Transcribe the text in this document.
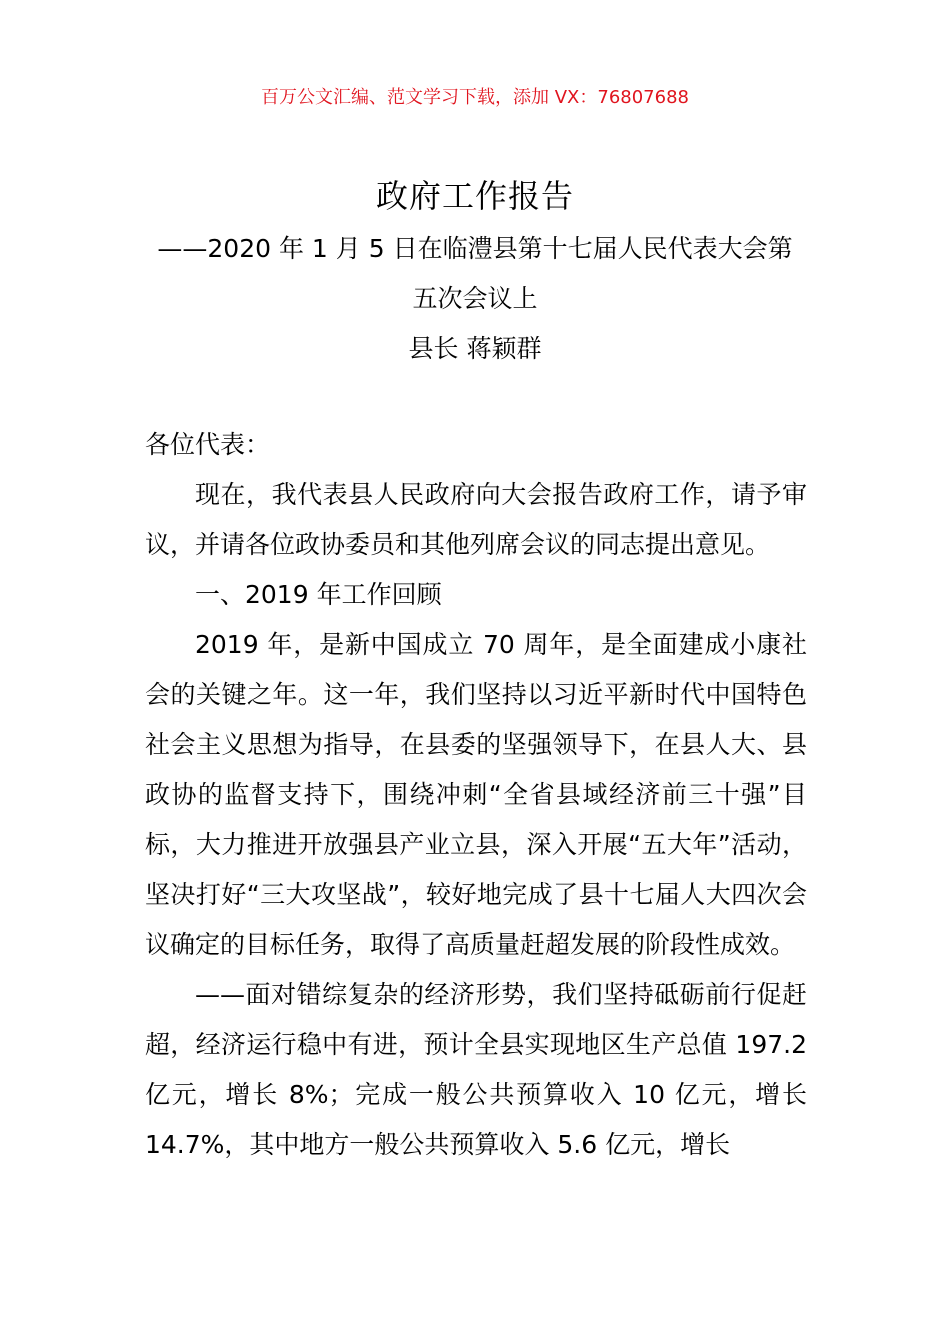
百万公文汇编、范文学习下载，添加 VX：76807688
政府工作报告
——2020 年 1 月 5 日在临澧县第十七届人民代表大会第五次会议上
县长 蒋颖群

各位代表：

现在，我代表县人民政府向大会报告政府工作，请予审议，并请各位政协委员和其他列席会议的同志提出意见。

一、2019 年工作回顾

2019 年，是新中国成立 70 周年，是全面建成小康社会的关键之年。这一年，我们坚持以习近平新时代中国特色社会主义思想为指导，在县委的坚强领导下，在县人大、县政协的监督支持下，围绕冲刺“全省县域经济前三十强”目标，大力推进开放强县产业立县，深入开展“五大年”活动，坚决打好“三大攻坚战”，较好地完成了县十七届人大四次会议确定的目标任务，取得了高质量赶超发展的阶段性成效。

——面对错综复杂的经济形势，我们坚持砥砺前行促赶超，经济运行稳中有进，预计全县实现地区生产总值 197.2 亿元，增长 8%；完成一般公共预算收入 10 亿元，增长 14.7%，其中地方一般公共预算收入 5.6 亿元，增长
